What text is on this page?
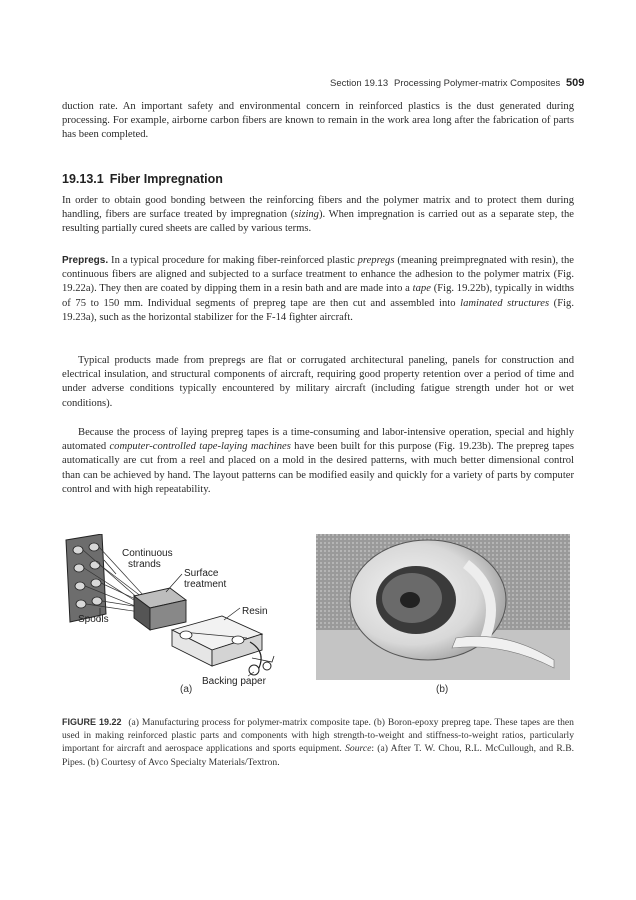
Section 19.13 Processing Polymer-matrix Composites 509

duction rate. An important safety and environmental concern in reinforced plastics is the dust generated during processing. For example, airborne carbon fibers are known to remain in the work area long after the fabrication of parts has been completed.

19.13.1 Fiber Impregnation

In order to obtain good bonding between the reinforcing fibers and the polymer matrix and to protect them during handling, fibers are surface treated by impregnation (sizing). When impregnation is carried out as a separate step, the resulting partially cured sheets are called by various terms.

Prepregs. In a typical procedure for making fiber-reinforced plastic prepregs (meaning preimpregnated with resin), the continuous fibers are aligned and subjected to a surface treatment to enhance the adhesion to the polymer matrix (Fig. 19.22a). They then are coated by dipping them in a resin bath and are made into a tape (Fig. 19.22b), typically in widths of 75 to 150 mm. Individual segments of prepreg tape are then cut and assembled into laminated structures (Fig. 19.23a), such as the horizontal stabilizer for the F-14 fighter aircraft.

Typical products made from prepregs are flat or corrugated architectural paneling, panels for construction and electrical insulation, and structural components of aircraft, requiring good property retention over a period of time and under adverse conditions typically encountered by military aircraft (including fatigue strength under hot or wet conditions).

Because the process of laying prepreg tapes is a time-consuming and labor-intensive operation, special and highly automated computer-controlled tape-laying machines have been built for this purpose (Fig. 19.23b). The prepreg tapes automatically are cut from a reel and placed on a mold in the desired patterns, with much better dimensional control than can be achieved by hand. The layout patterns can be modified easily and quickly for a variety of parts by computer control and with high repeatability.

Continuous
strands
Surface
treatment
Resin
Spools
Backing paper
(a)	(b)

FIGURE 19.22 (a) Manufacturing process for polymer-matrix composite tape. (b) Boron-epoxy prepreg tape. These tapes are then used in making reinforced plastic parts and components with high strength-to-weight and stiffness-to-weight ratios, particularly important for aircraft and aerospace applications and sports equipment. Source: (a) After T. W. Chou, R.L. McCullough, and R.B. Pipes. (b) Courtesy of Avco Specialty Materials/Textron.
